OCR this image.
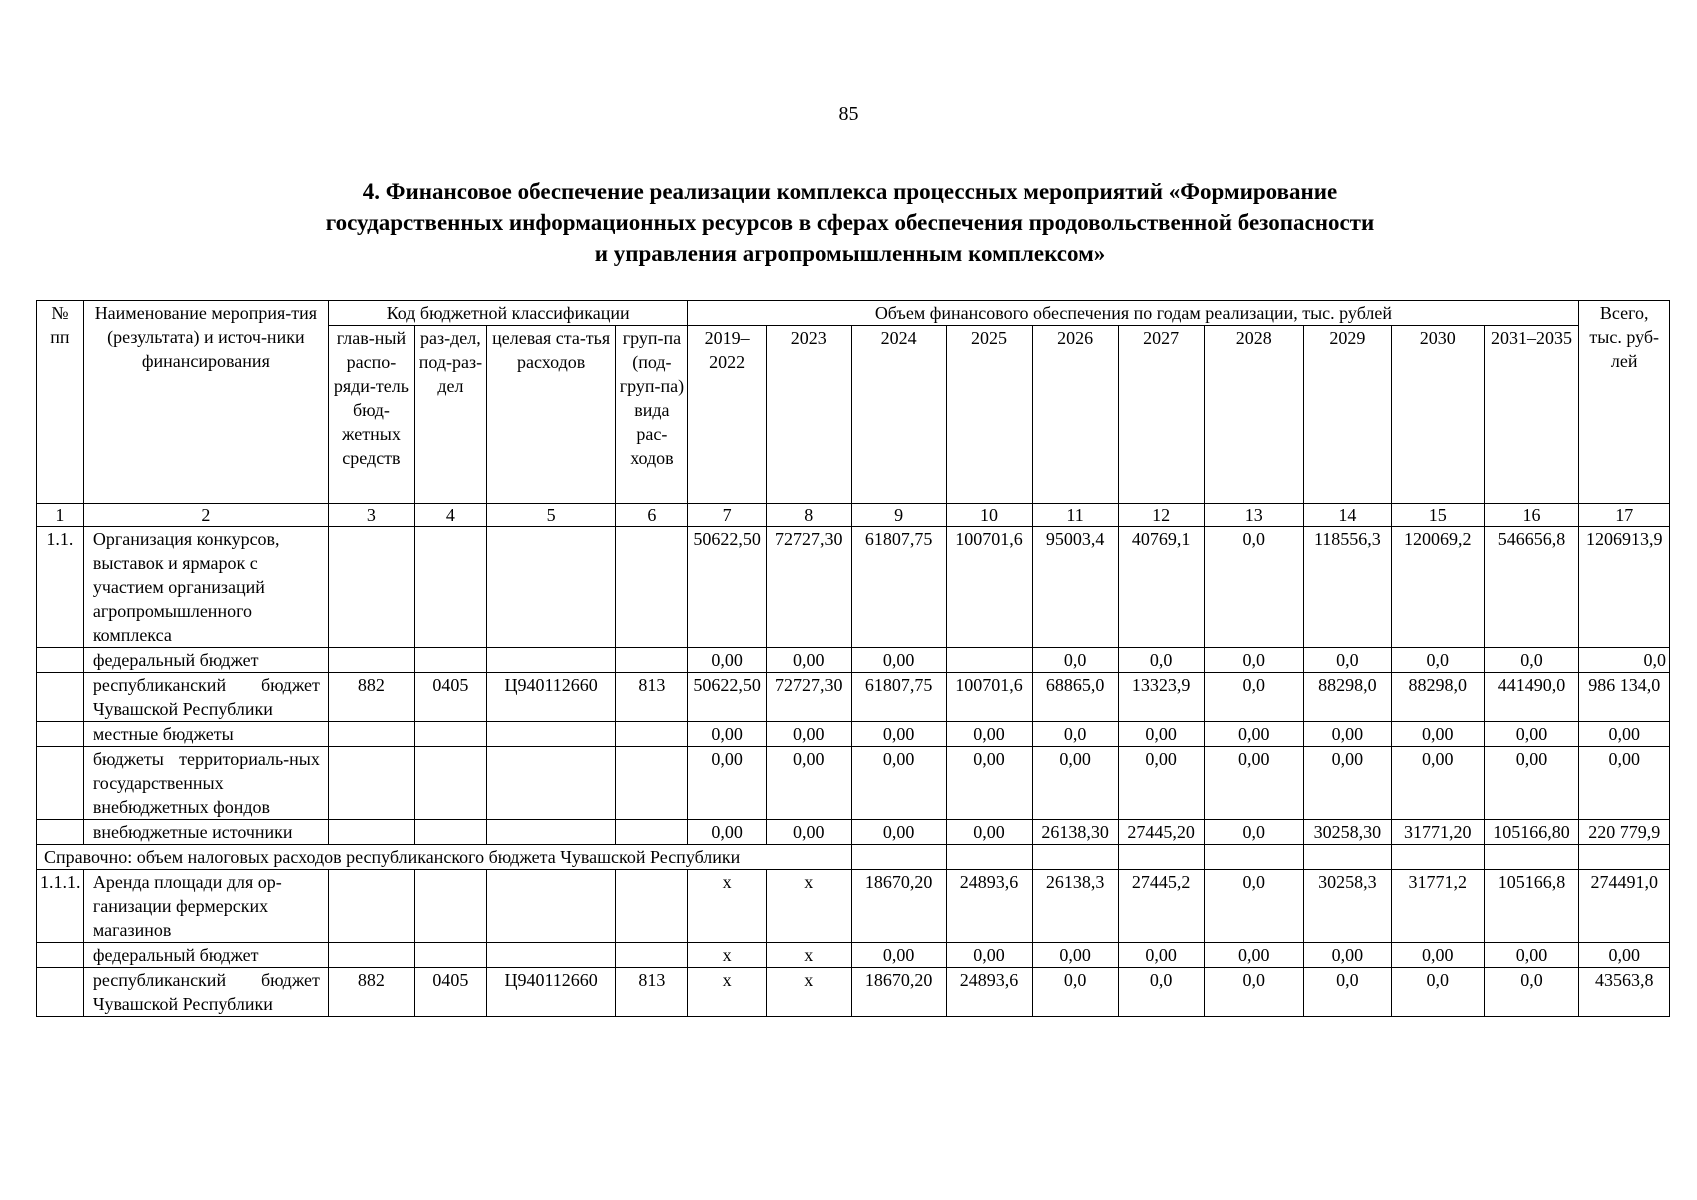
85
4. Финансовое обеспечение реализации комплекса процессных мероприятий «Формирование
государственных информационных ресурсов в сферах обеспечения продовольственной безопасности
и управления агропромышленным комплексом»
№ пп	Наименование мероприя-тия (результата) и источ-ники финансирования	Код бюджетной классификации				Объем финансового обеспечения по годам реализации, тыс. рублей										Всего, тыс. руб-лей
		глав-ный распо-ряди-тель бюд-жетных средств	раз-дел, под-раз-дел	целевая ста-тья расходов	груп-па (под-груп-па) вида рас-ходов	2019–2022	2023	2024	2025	2026	2027	2028	2029	2030	2031–2035	
1	2	3	4	5	6	7	8	9	10	11	12	13	14	15	16	17
1.1.	Организация конкурсов, выставок и ярмарок с участием организаций агропромышленного комплекса					50622,50	72727,30	61807,75	100701,6	95003,4	40769,1	0,0	118556,3	120069,2	546656,8	1206913,9
	федеральный бюджет					0,00	0,00	0,00		0,0	0,0	0,0	0,0	0,0	0,0	0,0
	республиканский бюджет Чувашской Республики	882	0405	Ц940112660	813	50622,50	72727,30	61807,75	100701,6	68865,0	13323,9	0,0	88298,0	88298,0	441490,0	986 134,0
	местные бюджеты					0,00	0,00	0,00	0,00	0,0	0,00	0,00	0,00	0,00	0,00	0,00
	бюджеты территориаль-ных государственных внебюджетных фондов					0,00	0,00	0,00	0,00	0,00	0,00	0,00	0,00	0,00	0,00	0,00
	внебюджетные источники					0,00	0,00	0,00	0,00	26138,30	27445,20	0,0	30258,30	31771,20	105166,80	220 779,9
Справочно: объем налоговых расходов республиканского бюджета Чувашской Республики																
1.1.1.	Аренда площади для ор-ганизации фермерских магазинов					х	х	18670,20	24893,6	26138,3	27445,2	0,0	30258,3	31771,2	105166,8	274491,0
	федеральный бюджет					х	х	0,00	0,00	0,00	0,00	0,00	0,00	0,00	0,00	0,00
	республиканский бюджет Чувашской Республики	882	0405	Ц940112660	813	х	х	18670,20	24893,6	0,0	0,0	0,0	0,0	0,0	0,0	43563,8
